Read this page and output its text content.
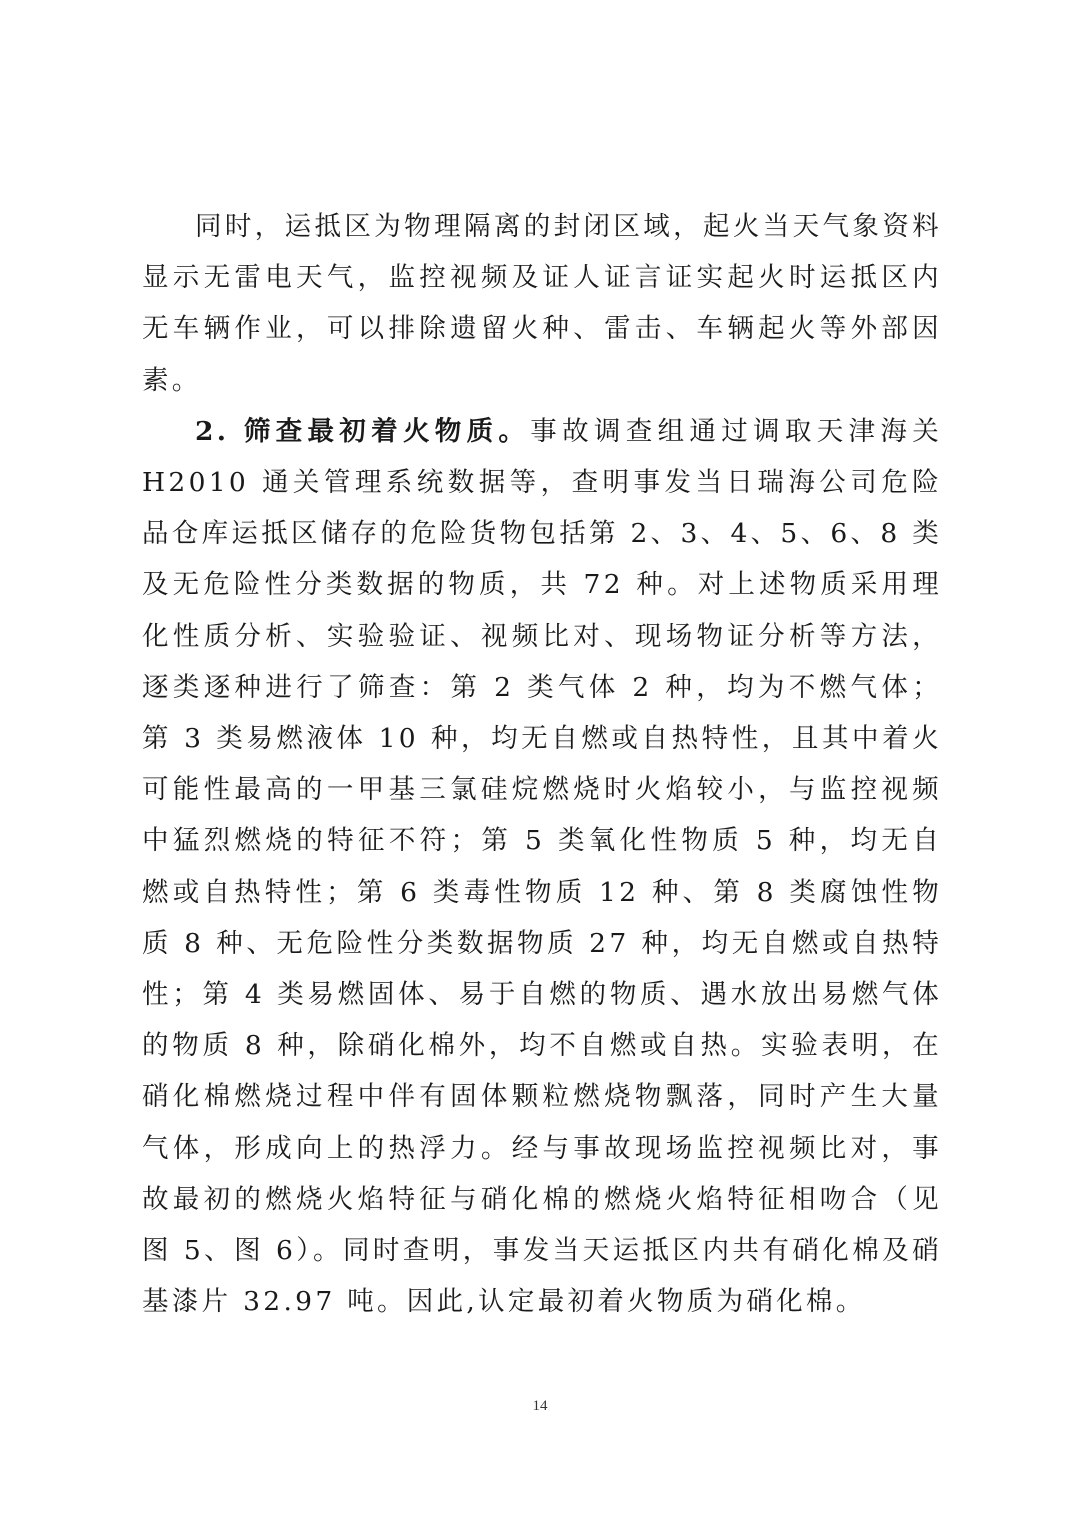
同时，运抵区为物理隔离的封闭区域，起火当天气象资料显示无雷电天气，监控视频及证人证言证实起火时运抵区内无车辆作业，可以排除遗留火种、雷击、车辆起火等外部因素。

2. 筛查最初着火物质。事故调查组通过调取天津海关 H2010 通关管理系统数据等，查明事发当日瑞海公司危险品仓库运抵区储存的危险货物包括第 2、3、4、5、6、8 类及无危险性分类数据的物质，共 72 种。对上述物质采用理化性质分析、实验验证、视频比对、现场物证分析等方法，逐类逐种进行了筛查：第 2 类气体 2 种，均为不燃气体；第 3 类易燃液体 10 种，均无自燃或自热特性，且其中着火可能性最高的一甲基三氯硅烷燃烧时火焰较小，与监控视频中猛烈燃烧的特征不符；第 5 类氧化性物质 5 种，均无自燃或自热特性；第 6 类毒性物质 12 种、第 8 类腐蚀性物质 8 种、无危险性分类数据物质 27 种，均无自燃或自热特性；第 4 类易燃固体、易于自燃的物质、遇水放出易燃气体的物质 8 种，除硝化棉外，均不自燃或自热。实验表明，在硝化棉燃烧过程中伴有固体颗粒燃烧物飘落，同时产生大量气体，形成向上的热浮力。经与事故现场监控视频比对，事故最初的燃烧火焰特征与硝化棉的燃烧火焰特征相吻合（见图 5、图 6）。同时查明，事发当天运抵区内共有硝化棉及硝基漆片 32.97 吨。因此,认定最初着火物质为硝化棉。

14
